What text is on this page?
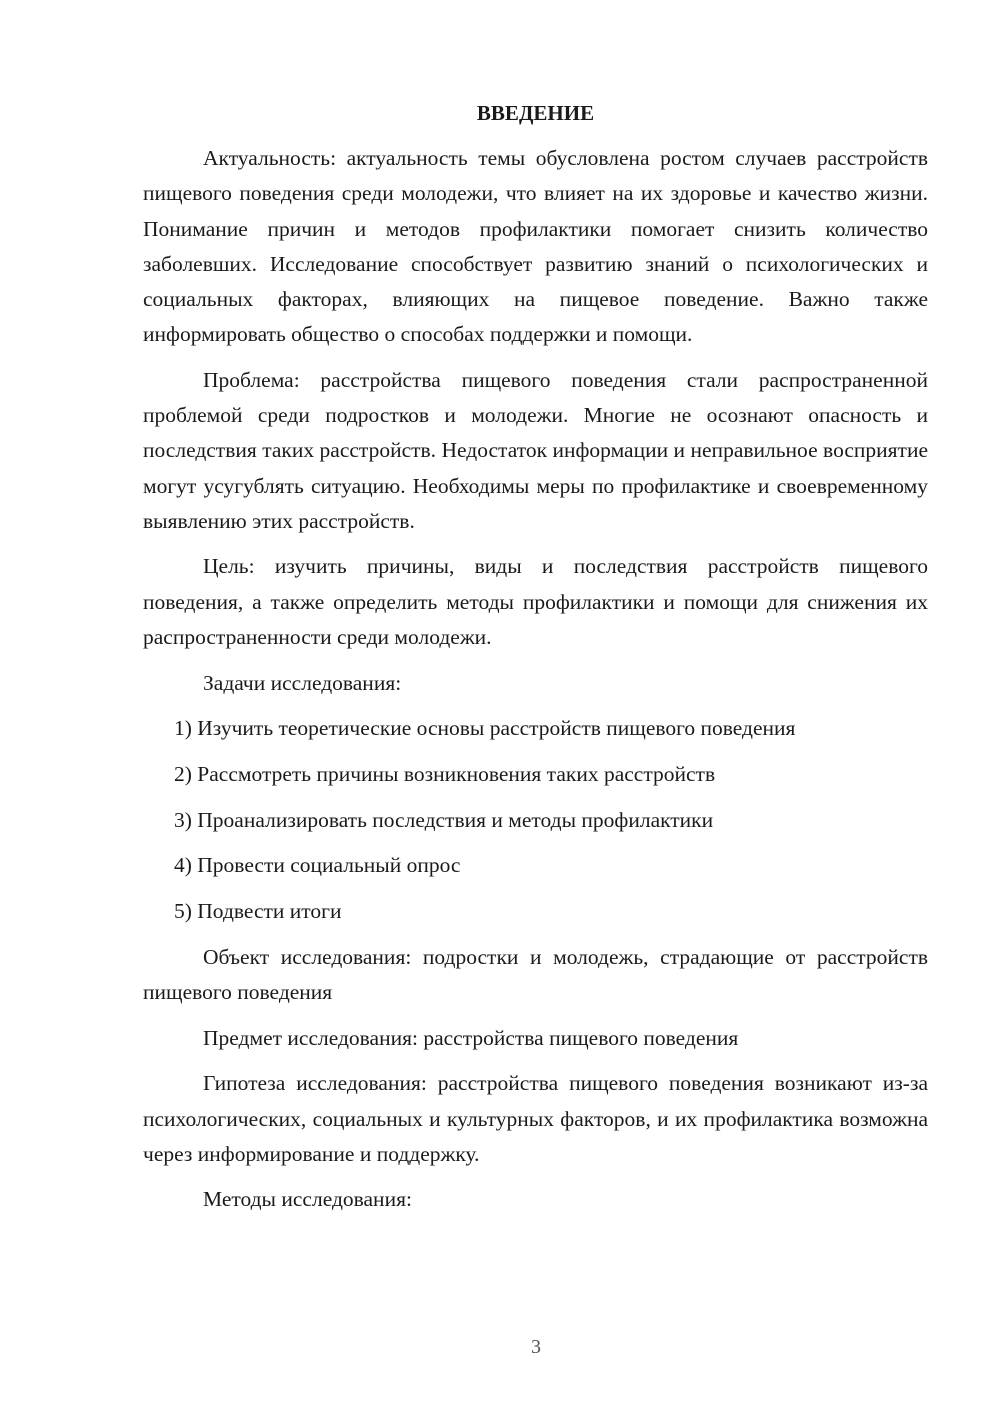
ВВЕДЕНИЕ

Актуальность: актуальность темы обусловлена ростом случаев расстройств пищевого поведения среди молодежи, что влияет на их здоровье и качество жизни. Понимание причин и методов профилактики помогает снизить количество заболевших. Исследование способствует развитию знаний о психологических и социальных факторах, влияющих на пищевое поведение. Важно также информировать общество о способах поддержки и помощи.

Проблема: расстройства пищевого поведения стали распространенной проблемой среди подростков и молодежи. Многие не осознают опасность и последствия таких расстройств. Недостаток информации и неправильное восприятие могут усугублять ситуацию. Необходимы меры по профилактике и своевременному выявлению этих расстройств.

Цель: изучить причины, виды и последствия расстройств пищевого поведения, а также определить методы профилактики и помощи для снижения их распространенности среди молодежи.

Задачи исследования:

1) Изучить теоретические основы расстройств пищевого поведения
2) Рассмотреть причины возникновения таких расстройств
3) Проанализировать последствия и методы профилактики
4) Провести социальный опрос
5) Подвести итоги

Объект исследования: подростки и молодежь, страдающие от расстройств пищевого поведения

Предмет исследования: расстройства пищевого поведения

Гипотеза исследования: расстройства пищевого поведения возникают из-за психологических, социальных и культурных факторов, и их профилактика возможна через информирование и поддержку.

Методы исследования:

3
